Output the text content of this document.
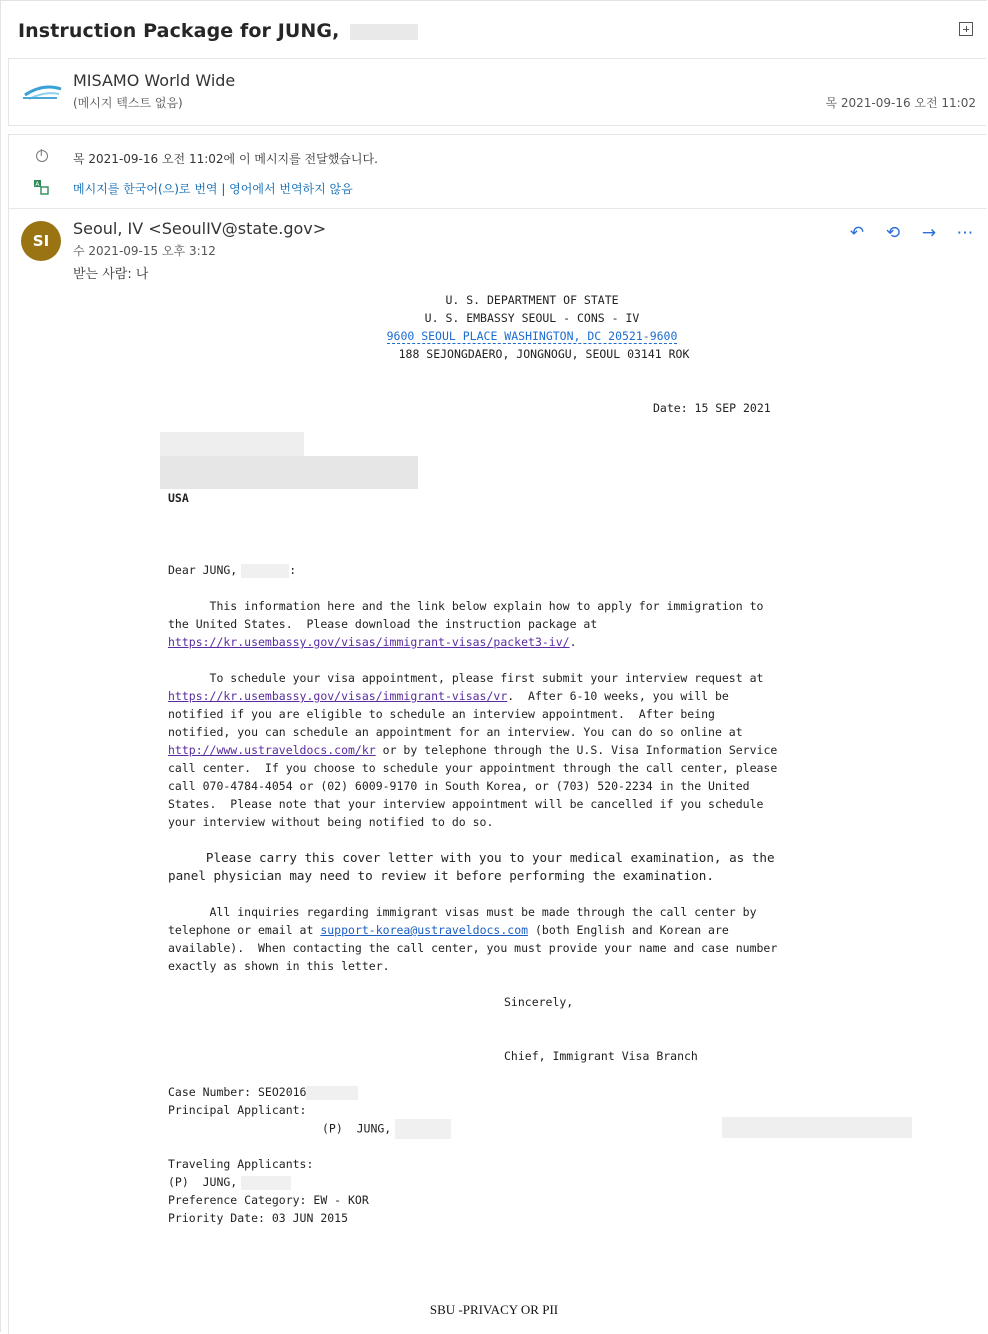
Instruction Package for JUNG,
MISAMO World Wide
(메시지 텍스트 없음)	목 2021-09-16 오전 11:02
i
목 2021-09-16 오전 11:02에 이 메시지를 전달했습니다.
A	메시지를 한국어(으)로 번역 | 영어에서 번역하지 않음
SI
Seoul, IV <SeoulIV@state.gov>
수 2021-09-15 오후 3:12
받는 사람: 나
↶ ⟲ → ⋯
U. S. DEPARTMENT OF STATE
U. S. EMBASSY SEOUL - CONS - IV
9600 SEOUL PLACE WASHINGTON, DC 20521-9600
188 SEJONGDAERO, JONGNOGU, SEOUL 03141 ROK
Date: 15 SEP 2021
USA
Dear JUNG,	:
This information here and the link below explain how to apply for immigration to
the United States.  Please download the instruction package at
https://kr.usembassy.gov/visas/immigrant-visas/packet3-iv/.
To schedule your visa appointment, please first submit your interview request at
https://kr.usembassy.gov/visas/immigrant-visas/vr.  After 6-10 weeks, you will be
notified if you are eligible to schedule an interview appointment.  After being
notified, you can schedule an appointment for an interview. You can do so online at
http://www.ustraveldocs.com/kr or by telephone through the U.S. Visa Information Service
call center.  If you choose to schedule your appointment through the call center, please
call 070-4784-4054 or (02) 6009-9170 in South Korea, or (703) 520-2234 in the United
States.  Please note that your interview appointment will be cancelled if you schedule
your interview without being notified to do so.
Please carry this cover letter with you to your medical examination, as the
panel physician may need to review it before performing the examination.
All inquiries regarding immigrant visas must be made through the call center by
telephone or email at support-korea@ustraveldocs.com (both English and Korean are
available).  When contacting the call center, you must provide your name and case number
exactly as shown in this letter.
Sincerely,
Chief, Immigrant Visa Branch
Case Number: SEO2016
Principal Applicant:
(P)  JUNG,
Traveling Applicants:
(P)  JUNG,
Preference Category: EW - KOR
Priority Date: 03 JUN 2015
SBU -PRIVACY OR PII
